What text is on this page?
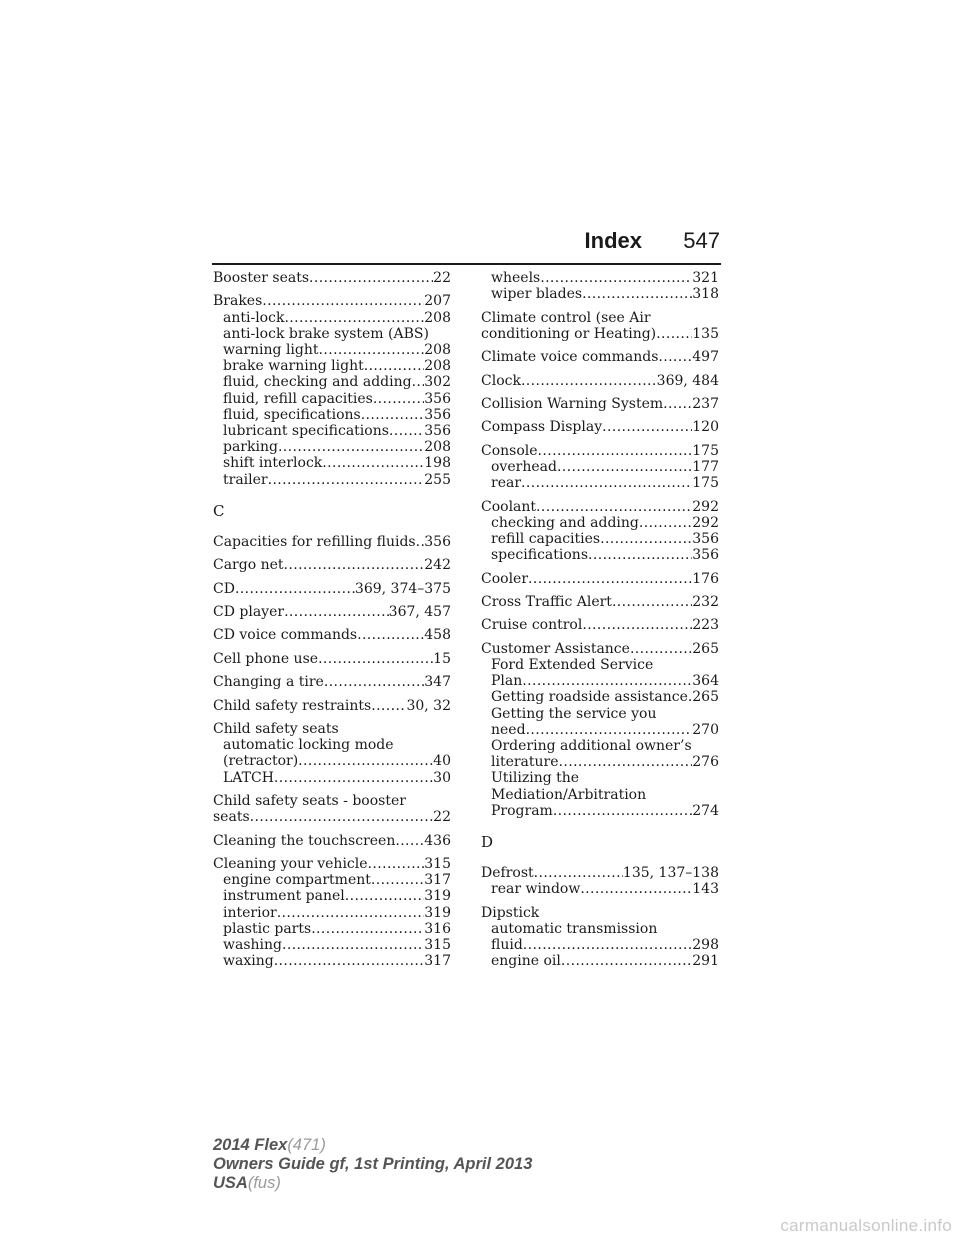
Index 547
Booster seats .....	22
Brakes .....	207
anti-lock .....	208
anti-lock brake system (ABS)
warning light .....	208
brake warning light .....	208
fluid, checking and adding ..... 302
fluid, refill capacities .....	356
fluid, specifications .....	356
lubricant specifications .....	356
parking .....	208
shift interlock .....	198
trailer .....	255
C
Capacities for refilling fluids ..... 356
Cargo net .....	242
CD .....	369, 374–375
CD player .....	367, 457
CD voice commands .....	458
Cell phone use .....	15
Changing a tire .....	347
Child safety restraints .....	30, 32
Child safety seats
automatic locking mode
(retractor) .....	40
LATCH .....	30
Child safety seats - booster
seats .....	22
Cleaning the touchscreen ..... 436
Cleaning your vehicle .....	315
engine compartment .....	317
instrument panel .....	319
interior .....	319
plastic parts .....	316
washing .....	315
waxing .....	317
wheels .....	321
wiper blades .....	318
Climate control (see Air
conditioning or Heating) .....	135
Climate voice commands ..... 497
Clock .....	369, 484
Collision Warning System ..... 237
Compass Display .....	120
Console .....	175
overhead .....	177
rear .....	175
Coolant .....	292
checking and adding .....	292
refill capacities .....	356
specifications .....	356
Cooler .....	176
Cross Traffic Alert .....	232
Cruise control .....	223
Customer Assistance .....	265
Ford Extended Service
Plan .....	364
Getting roadside assistance ..... 265
Getting the service you
need .....	270
Ordering additional owner’s
literature .....	276
Utilizing the
Mediation/Arbitration
Program .....	274
D
Defrost .....	135, 137–138
rear window .....	143
Dipstick
automatic transmission
fluid .....	298
engine oil .....	291
2014 Flex(471)
Owners Guide gf, 1st Printing, April 2013
USA(fus)
carmanualsonline.info
